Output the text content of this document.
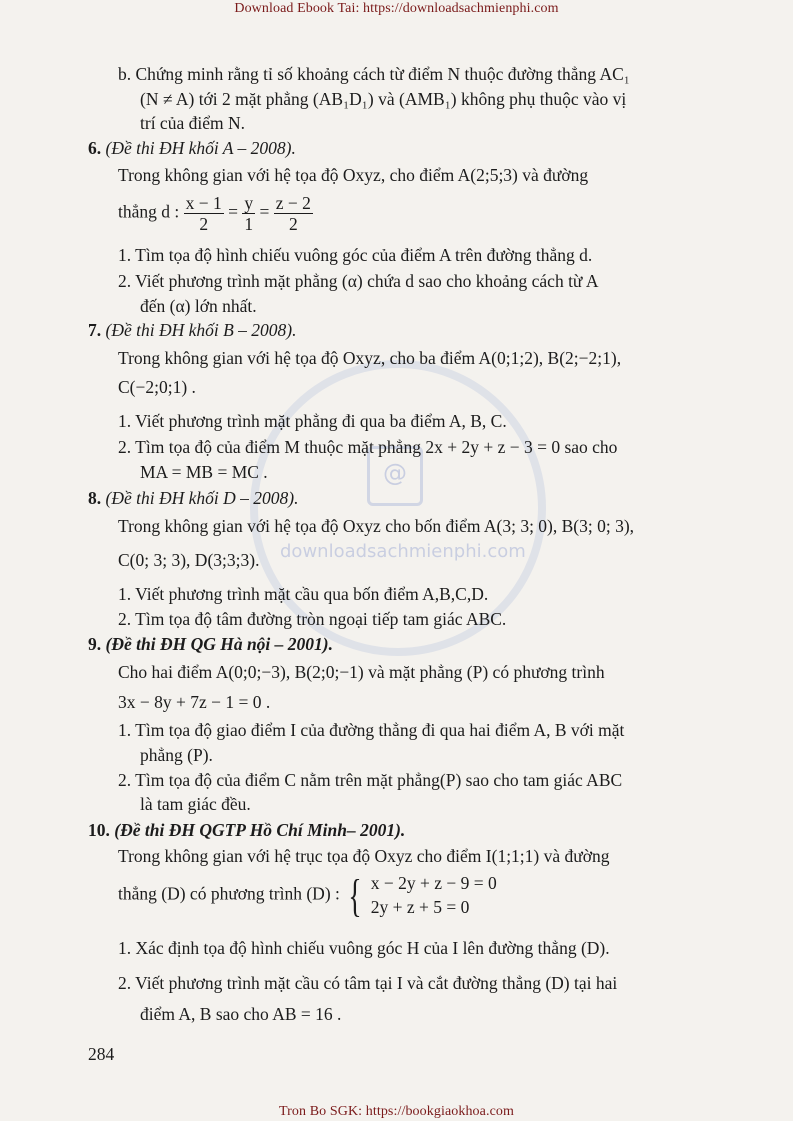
Download Ebook Tai: https://downloadsachmienphi.com
@
downloadsachmienphi.com
b. Chứng minh rằng tỉ số khoảng cách từ điểm N thuộc đường thẳng AC₁
(N ≠ A) tới 2 mặt phẳng (AB₁D₁) và (AMB₁) không phụ thuộc vào vị
trí của điểm N.
6. (Đề thi ĐH khối A – 2008).
Trong không gian với hệ tọa độ Oxyz, cho điểm A(2;5;3) và đường
thẳng d : $\frac{x - 1}{2} = \frac{y}{1} = \frac{z - 2}{2}$
1. Tìm tọa độ hình chiếu vuông góc của điểm A trên đường thẳng d.
2. Viết phương trình mặt phẳng (α) chứa d sao cho khoảng cách từ A
đến (α) lớn nhất.
7. (Đề thi ĐH khối B – 2008).
Trong không gian với hệ tọa độ Oxyz, cho ba điểm A(0;1;2), B(2;−2;1),
C(−2;0;1) .
1. Viết phương trình mặt phẳng đi qua ba điểm A, B, C.
2. Tìm tọa độ của điểm M thuộc mặt phẳng 2x + 2y + z − 3 = 0 sao cho
MA = MB = MC .
8. (Đề thi ĐH khối D – 2008).
Trong không gian với hệ tọa độ Oxyz cho bốn điểm A(3; 3; 0), B(3; 0; 3),
C(0; 3; 3), D(3;3;3).
1. Viết phương trình mặt cầu qua bốn điểm A,B,C,D.
2. Tìm tọa độ tâm đường tròn ngoại tiếp tam giác ABC.
9. (Đề thi ĐH QG Hà nội – 2001).
Cho hai điểm A(0;0;−3), B(2;0;−1) và mặt phẳng (P) có phương trình
3x − 8y + 7z − 1 = 0 .
1. Tìm tọa độ giao điểm I của đường thẳng đi qua hai điểm A, B với mặt
phẳng (P).
2. Tìm tọa độ của điểm C nằm trên mặt phẳng(P) sao cho tam giác ABC
là tam giác đều.
10. (Đề thi ĐH QGTP Hồ Chí Minh– 2001).
Trong không gian với hệ trục tọa độ Oxyz cho điểm I(1;1;1) và đường
thẳng (D) có phương trình (D) : { x − 2y + z − 9 = 0
2y + z + 5 = 0
1. Xác định tọa độ hình chiếu vuông góc H của I lên đường thẳng (D).
2. Viết phương trình mặt cầu có tâm tại I và cắt đường thẳng (D) tại hai
điểm A, B sao cho AB = 16 .
284
Tron Bo SGK: https://bookgiaokhoa.com
